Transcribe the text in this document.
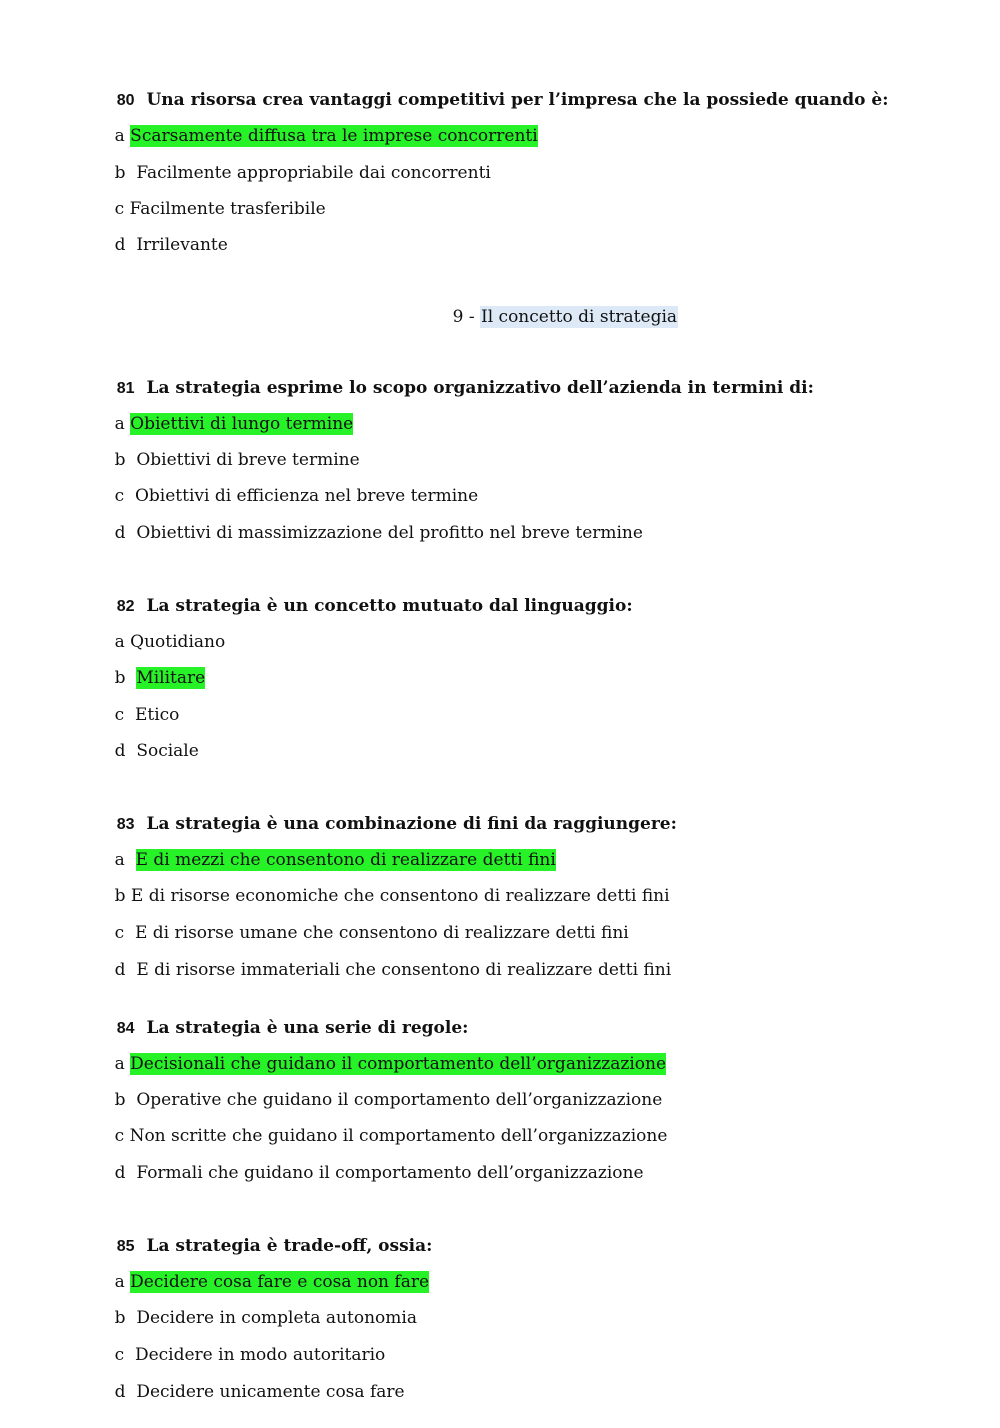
80 Una risorsa crea vantaggi competitivi per l’impresa che la possiede quando è:

a Scarsamente diffusa tra le imprese concorrenti

b Facilmente appropriabile dai concorrenti

c Facilmente trasferibile

d Irrilevante

9 - Il concetto di strategia

81 La strategia esprime lo scopo organizzativo dell’azienda in termini di:

a Obiettivi di lungo termine

b Obiettivi di breve termine

c Obiettivi di efficienza nel breve termine

d Obiettivi di massimizzazione del profitto nel breve termine

82 La strategia è un concetto mutuato dal linguaggio:

a Quotidiano

b Militare

c Etico

d Sociale

83 La strategia è una combinazione di fini da raggiungere:

a E di mezzi che consentono di realizzare detti fini

b E di risorse economiche che consentono di realizzare detti fini

c E di risorse umane che consentono di realizzare detti fini

d E di risorse immateriali che consentono di realizzare detti fini

84 La strategia è una serie di regole:

a Decisionali che guidano il comportamento dell’organizzazione

b Operative che guidano il comportamento dell’organizzazione

c Non scritte che guidano il comportamento dell’organizzazione

d Formali che guidano il comportamento dell’organizzazione

85 La strategia è trade-off, ossia:

a Decidere cosa fare e cosa non fare

b Decidere in completa autonomia

c Decidere in modo autoritario

d Decidere unicamente cosa fare
